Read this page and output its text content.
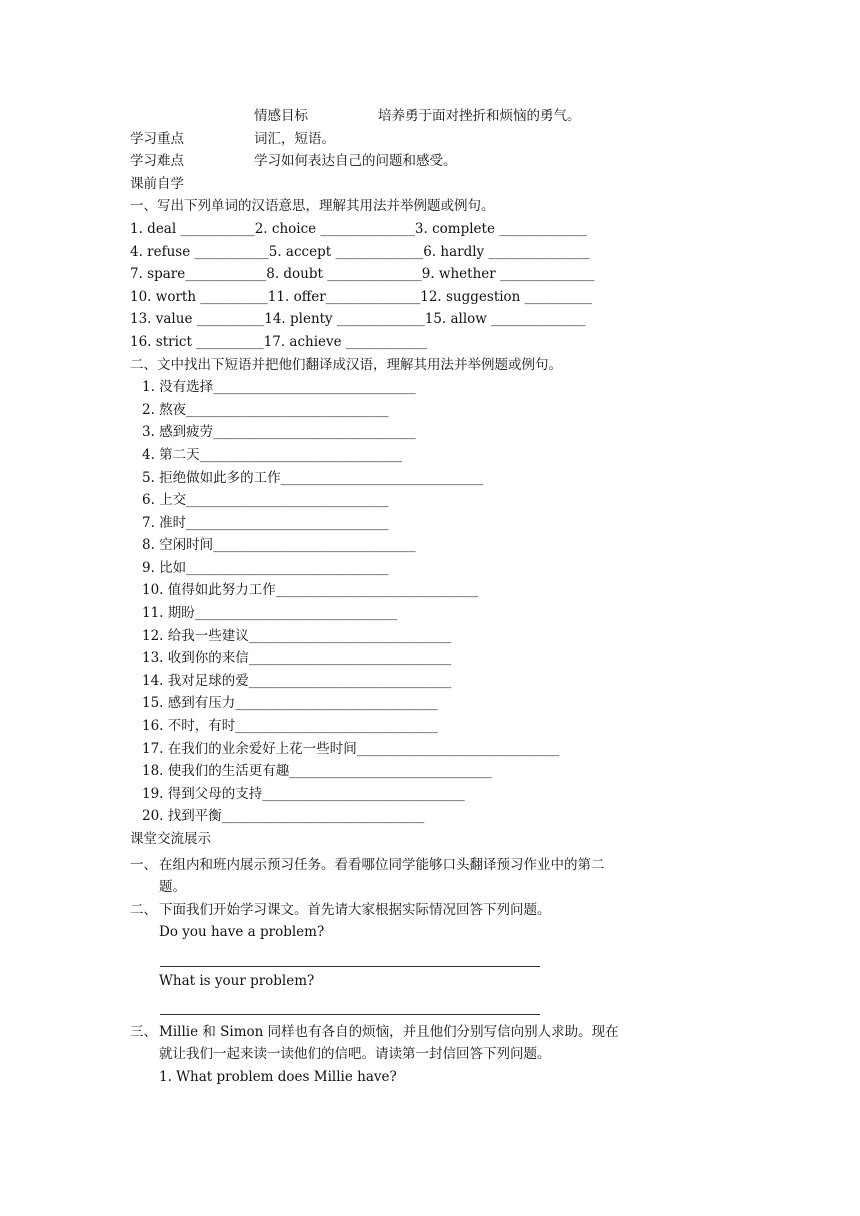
情感目标	培养勇于面对挫折和烦恼的勇气。
学习重点	词汇，短语。
学习难点	学习如何表达自己的问题和感受。
课前自学
一、写出下列单词的汉语意思，理解其用法并举例题或例句。
1. deal ___________2. choice ______________3. complete _____________
4. refuse ___________5. accept _____________6. hardly _______________
7. spare____________8. doubt ______________9. whether ______________
10. worth __________11. offer______________12. suggestion __________
13. value __________14. plenty _____________15. allow ______________
16. strict __________17. achieve ____________
二、文中找出下短语并把他们翻译成汉语，理解其用法并举例题或例句。
1. 没有选择______________________________
2. 熬夜______________________________
3. 感到疲劳______________________________
4. 第二天______________________________
5. 拒绝做如此多的工作______________________________
6. 上交______________________________
7. 准时______________________________
8. 空闲时间______________________________
9. 比如______________________________
10. 值得如此努力工作______________________________
11. 期盼______________________________
12. 给我一些建议______________________________
13. 收到你的来信______________________________
14. 我对足球的爱______________________________
15. 感到有压力______________________________
16. 不时，有时______________________________
17. 在我们的业余爱好上花一些时间______________________________
18. 使我们的生活更有趣______________________________
19. 得到父母的支持______________________________
20. 找到平衡______________________________
课堂交流展示
一、 在组内和班内展示预习任务。看看哪位同学能够口头翻译预习作业中的第二题。
二、 下面我们开始学习课文。首先请大家根据实际情况回答下列问题。
Do you have a problem?
What is your problem?
三、 Millie 和 Simon 同样也有各自的烦恼，并且他们分别写信向别人求助。现在就让我们一起来读一读他们的信吧。请读第一封信回答下列问题。
1. What problem does Millie have?
